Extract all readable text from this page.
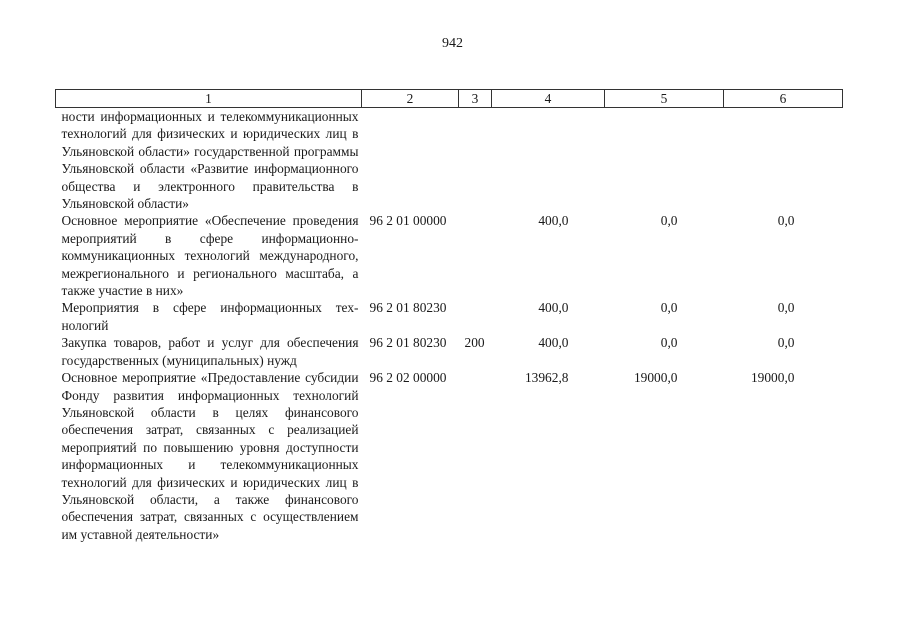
942
1	2	3	4	5	6
ности информационных и телекоммуникационных технологий для физических и юридических лиц в Ульяновской области» государственной программы Ульяновской области «Развитие информационного общества и электронного правительства в Ульяновской области»					
Основное мероприятие «Обеспечение проведения мероприятий в сфере информационно-коммуникационных технологий международного, межрегионального и регионального масштаба, а также участие в них»	96 2 01 00000		400,0	0,0	0,0
Мероприятия в сфере информационных технологий	96 2 01 80230		400,0	0,0	0,0
Закупка товаров, работ и услуг для обеспечения государственных (муниципальных) нужд	96 2 01 80230	200	400,0	0,0	0,0
Основное мероприятие «Предоставление субсидии Фонду развития информационных технологий Ульяновской области в целях финансового обеспечения затрат, связанных с реализацией мероприятий по повышению уровня доступности информационных и телекоммуникационных технологий для физических и юридических лиц в Ульяновской области, а также финансового обеспечения затрат, связанных с осуществлением им уставной деятельности»	96 2 02 00000		13962,8	19000,0	19000,0
